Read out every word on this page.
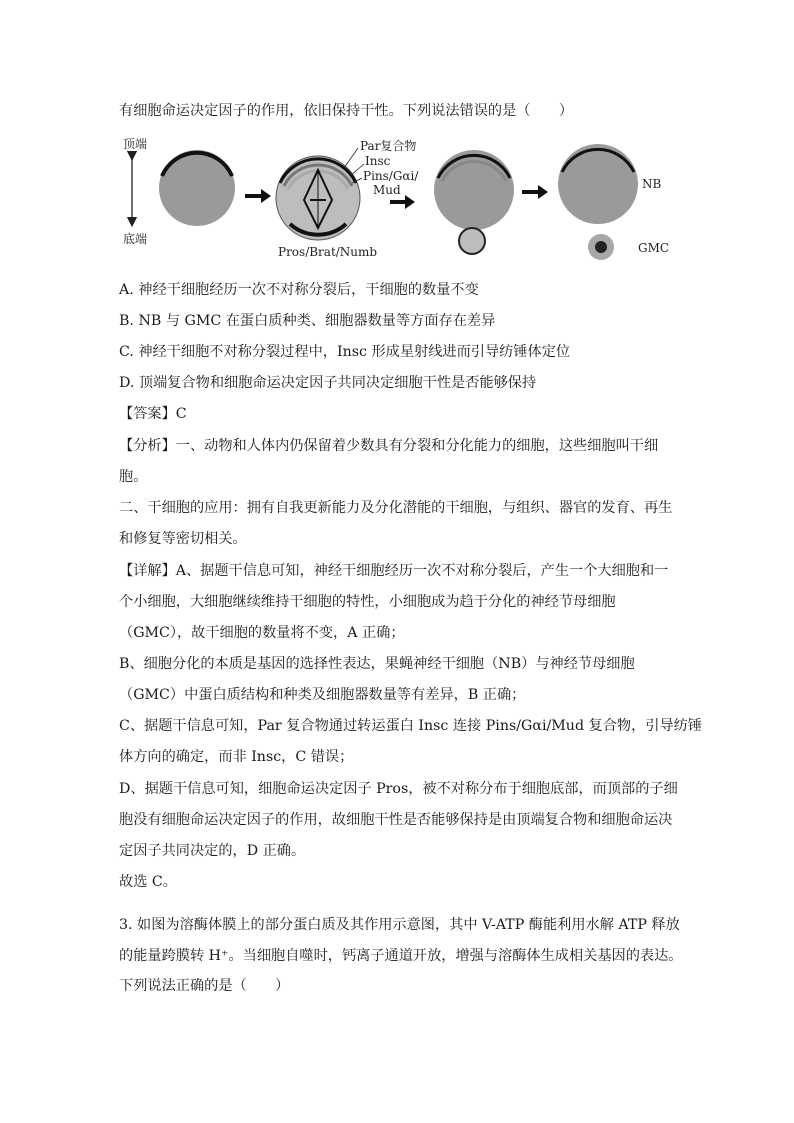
有细胞命运决定因子的作用，依旧保持干性。下列说法错误的是（　　）
顶端
底端
Par复合物
Insc
Pins/Gαi/
Mud
Pros/Brat/Numb
NB
GMC
A. 神经干细胞经历一次不对称分裂后，干细胞的数量不变
B. NB 与 GMC 在蛋白质种类、细胞器数量等方面存在差异
C. 神经干细胞不对称分裂过程中，Insc 形成星射线进而引导纺锤体定位
D. 顶端复合物和细胞命运决定因子共同决定细胞干性是否能够保持
【答案】C
【分析】一、动物和人体内仍保留着少数具有分裂和分化能力的细胞，这些细胞叫干细
胞。
二、干细胞的应用：拥有自我更新能力及分化潜能的干细胞，与组织、器官的发育、再生
和修复等密切相关。
【详解】A、据题干信息可知，神经干细胞经历一次不对称分裂后，产生一个大细胞和一
个小细胞，大细胞继续维持干细胞的特性，小细胞成为趋于分化的神经节母细胞
（GMC），故干细胞的数量将不变，A 正确；
B、细胞分化的本质是基因的选择性表达，果蝇神经干细胞（NB）与神经节母细胞
（GMC）中蛋白质结构和种类及细胞器数量等有差异，B 正确；
C、据题干信息可知，Par 复合物通过转运蛋白 Insc 连接 Pins/Gαi/Mud 复合物，引导纺锤
体方向的确定，而非 Insc，C 错误；
D、据题干信息可知，细胞命运决定因子 Pros，被不对称分布于细胞底部，而顶部的子细
胞没有细胞命运决定因子的作用，故细胞干性是否能够保持是由顶端复合物和细胞命运决
定因子共同决定的，D 正确。
故选 C。
3. 如图为溶酶体膜上的部分蛋白质及其作用示意图，其中 V-ATP 酶能利用水解 ATP 释放
的能量跨膜转 H⁺。当细胞自噬时，钙离子通道开放，增强与溶酶体生成相关基因的表达。
下列说法正确的是（　　）
